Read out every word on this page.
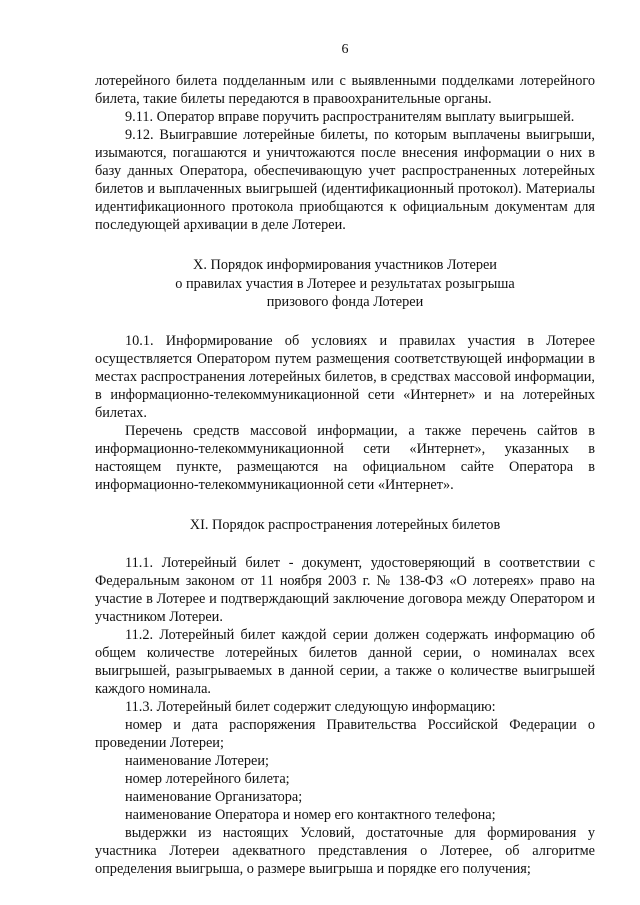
6

лотерейного билета подделанным или с выявленными подделками лотерейного билета, такие билеты передаются в правоохранительные органы.

9.11. Оператор вправе поручить распространителям выплату выигрышей.

9.12. Выигравшие лотерейные билеты, по которым выплачены выигрыши, изымаются, погашаются и уничтожаются после внесения информации о них в базу данных Оператора, обеспечивающую учет распространенных лотерейных билетов и выплаченных выигрышей (идентификационный протокол). Материалы идентификационного протокола приобщаются к официальным документам для последующей архивации в деле Лотереи.

X. Порядок информирования участников Лотереи
о правилах участия в Лотерее и результатах розыгрыша
призового фонда Лотереи

10.1. Информирование об условиях и правилах участия в Лотерее осуществляется Оператором путем размещения соответствующей информации в местах распространения лотерейных билетов, в средствах массовой информации, в информационно-телекоммуникационной сети «Интернет» и на лотерейных билетах.

Перечень средств массовой информации, а также перечень сайтов в информационно-телекоммуникационной сети «Интернет», указанных в настоящем пункте, размещаются на официальном сайте Оператора в информационно-телекоммуникационной сети «Интернет».

XI. Порядок распространения лотерейных билетов

11.1. Лотерейный билет - документ, удостоверяющий в соответствии с Федеральным законом от 11 ноября 2003 г. № 138-ФЗ «О лотереях» право на участие в Лотерее и подтверждающий заключение договора между Оператором и участником Лотереи.

11.2. Лотерейный билет каждой серии должен содержать информацию об общем количестве лотерейных билетов данной серии, о номиналах всех выигрышей, разыгрываемых в данной серии, а также о количестве выигрышей каждого номинала.

11.3. Лотерейный билет содержит следующую информацию:

номер и дата распоряжения Правительства Российской Федерации о проведении Лотереи;

наименование Лотереи;

номер лотерейного билета;

наименование Организатора;

наименование Оператора и номер его контактного телефона;

выдержки из настоящих Условий, достаточные для формирования у участника Лотереи адекватного представления о Лотерее, об алгоритме определения выигрыша, о размере выигрыша и порядке его получения;
